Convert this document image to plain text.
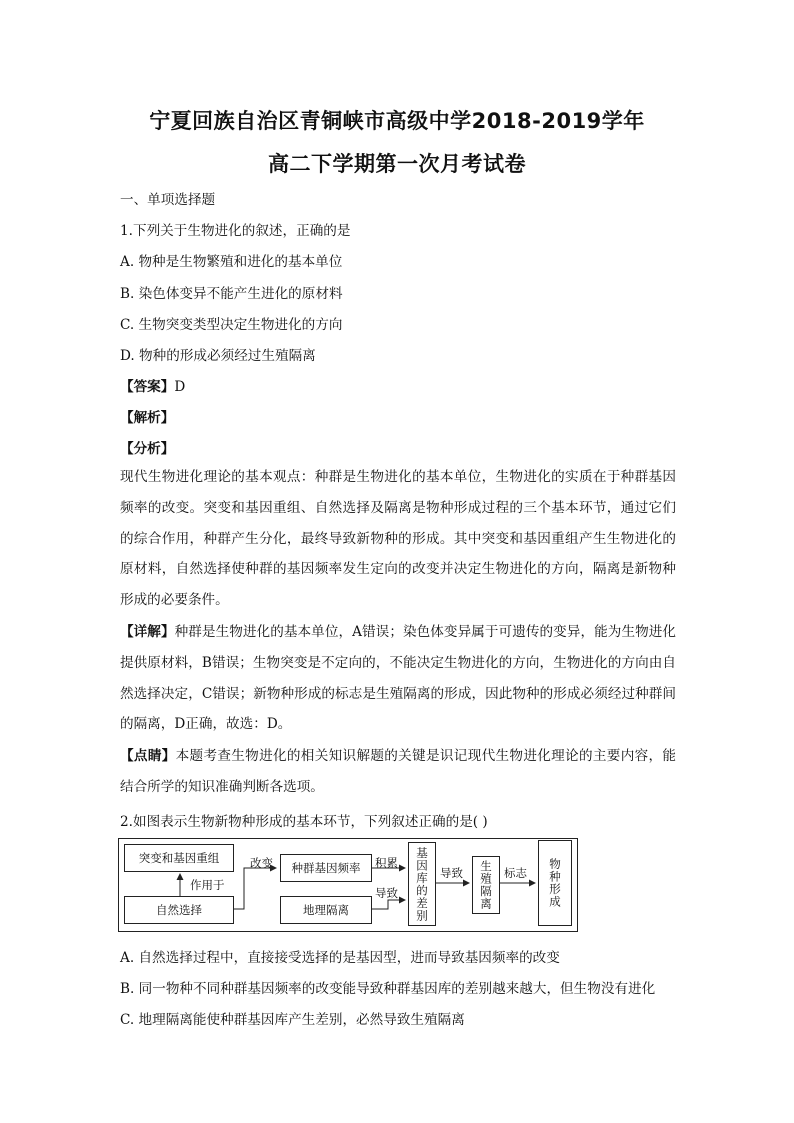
宁夏回族自治区青铜峡市高级中学2018-2019学年
高二下学期第一次月考试卷
一、单项选择题
1.下列关于生物进化的叙述，正确的是
A. 物种是生物繁殖和进化的基本单位
B. 染色体变异不能产生进化的原材料
C. 生物突变类型决定生物进化的方向
D. 物种的形成必须经过生殖隔离
【答案】D
【解析】
【分析】
现代生物进化理论的基本观点：种群是生物进化的基本单位，生物进化的实质在于种群基因频率的改变。突变和基因重组、自然选择及隔离是物种形成过程的三个基本环节，通过它们的综合作用，种群产生分化，最终导致新物种的形成。其中突变和基因重组产生生物进化的原材料，自然选择使种群的基因频率发生定向的改变并决定生物进化的方向，隔离是新物种形成的必要条件。
【详解】种群是生物进化的基本单位，A错误；染色体变异属于可遗传的变异，能为生物进化提供原材料，B错误；生物突变是不定向的，不能决定生物进化的方向，生物进化的方向由自然选择决定，C错误；新物种形成的标志是生殖隔离的形成，因此物种的形成必须经过种群间的隔离，D正确，故选：D。
【点睛】本题考查生物进化的相关知识解题的关键是识记现代生物进化理论的主要内容，能结合所学的知识准确判断各选项。
2.如图表示生物新物种形成的基本环节，下列叙述正确的是( )
突变和基因重组
自然选择
作用于
改变	种群基因频率
地理隔离
积累
导致	基因库的差别 导致	生殖隔离 标志	物种形成
A. 自然选择过程中，直接接受选择的是基因型，进而导致基因频率的改变
B. 同一物种不同种群基因频率的改变能导致种群基因库的差别越来越大，但生物没有进化
C. 地理隔离能使种群基因库产生差别，必然导致生殖隔离
